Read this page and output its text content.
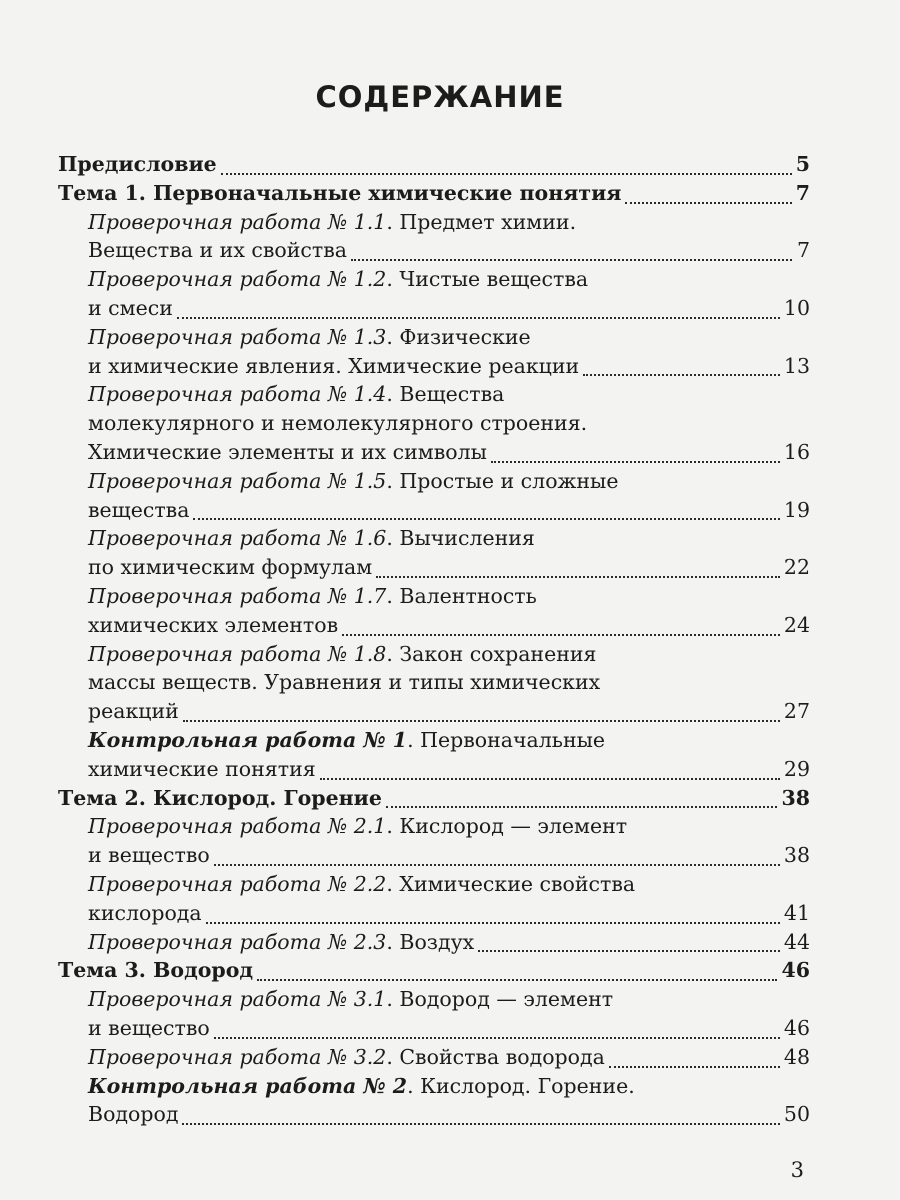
СОДЕРЖАНИЕ
Предисловие	5
Тема 1. Первоначальные химические понятия	7
Проверочная работа № 1.1 . Предмет химии.
Вещества и их свойства	7
Проверочная работа № 1.2 . Чистые вещества
и смеси	10
Проверочная работа № 1.3 . Физические
и химические явления. Химические реакции	13
Проверочная работа № 1.4 . Вещества
молекулярного и немолекулярного строения.
Химические элементы и их символы	16
Проверочная работа № 1.5 . Простые и сложные
вещества	19
Проверочная работа № 1.6 . Вычисления
по химическим формулам	22
Проверочная работа № 1.7 . Валентность
химических элементов	24
Проверочная работа № 1.8 . Закон сохранения
массы веществ. Уравнения и типы химических
реакций	27
Контрольная работа № 1 . Первоначальные
химические понятия	29
Тема 2. Кислород. Горение	38
Проверочная работа № 2.1 . Кислород — элемент
и вещество	38
Проверочная работа № 2.2 . Химические свойства
кислорода	41
Проверочная работа № 2.3 . Воздух	44
Тема 3. Водород	46
Проверочная работа № 3.1 . Водород — элемент
и вещество	46
Проверочная работа № 3.2 . Свойства водорода	48
Контрольная работа № 2 . Кислород. Горение.
Водород	50
3
